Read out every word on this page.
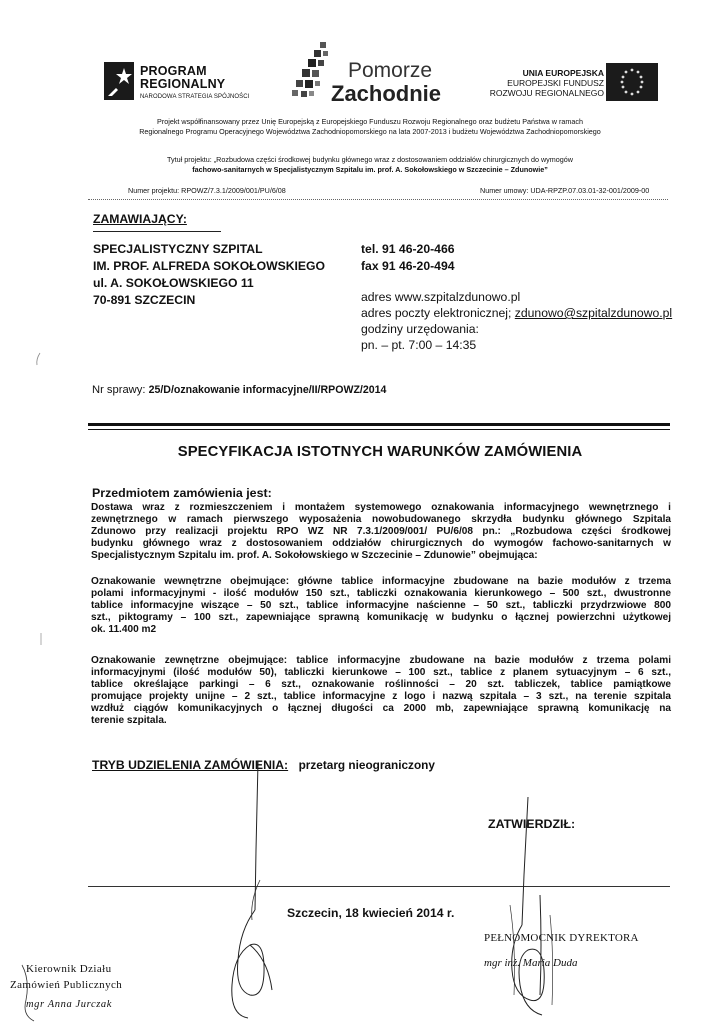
PROGRAM
REGIONALNY
NARODOWA STRATEGIA SPÓJNOŚCI
Pomorze
Zachodnie
UNIA EUROPEJSKA
EUROPEJSKI FUNDUSZ
ROZWOJU REGIONALNEGO
Projekt współfinansowany przez Unię Europejską z Europejskiego Funduszu Rozwoju Regionalnego oraz budżetu Państwa w ramach
Regionalnego Programu Operacyjnego Województwa Zachodniopomorskiego na lata 2007-2013 i budżetu Województwa Zachodniopomorskiego
Tytuł projektu: „Rozbudowa części środkowej budynku głównego wraz z dostosowaniem oddziałów chirurgicznych do wymogów
fachowo-sanitarnych w Specjalistycznym Szpitalu im. prof. A. Sokołowskiego w Szczecinie – Zdunowie”
Numer projektu: RPOWZ/7.3.1/2009/001/PU/6/08	Numer umowy: UDA-RPZP.07.03.01-32-001/2009-00
ZAMAWIAJĄCY:
SPECJALISTYCZNY SZPITAL
IM. PROF. ALFREDA SOKOŁOWSKIEGO
ul. A. SOKOŁOWSKIEGO 11
70-891 SZCZECIN
tel. 91 46-20-466
fax 91 46-20-494
adres www.szpitalzdunowo.pl
adres poczty elektronicznej; zdunowo@szpitalzdunowo.pl
godziny urzędowania:
pn. – pt. 7:00 – 14:35
Nr sprawy: 25/D/oznakowanie informacyjne/II/RPOWZ/2014
SPECYFIKACJA ISTOTNYCH WARUNKÓW ZAMÓWIENIA
Przedmiotem zamówienia jest:
Dostawa wraz z rozmieszczeniem i montażem systemowego oznakowania informacyjnego wewnętrznego i
zewnętrznego w ramach pierwszego wyposażenia nowobudowanego skrzydła budynku głównego Szpitala
Zdunowo przy realizacji projektu RPO WZ NR 7.3.1/2009/001/ PU/6/08 pn.: „Rozbudowa części środkowej
budynku głównego wraz z dostosowaniem oddziałów chirurgicznych do wymogów fachowo-sanitarnych w
Specjalistycznym Szpitalu im. prof. A. Sokołowskiego w Szczecinie – Zdunowie” obejmująca:
Oznakowanie wewnętrzne obejmujące: główne tablice informacyjne zbudowane na bazie modułów z trzema
polami informacyjnymi - ilość modułów 150 szt., tabliczki oznakowania kierunkowego – 500 szt., dwustronne
tablice informacyjne wiszące – 50 szt., tablice informacyjne naścienne – 50 szt., tabliczki przydrzwiowe 800
szt., piktogramy – 100 szt., zapewniające sprawną komunikację w budynku o łącznej powierzchni użytkowej
ok. 11.400 m2
Oznakowanie zewnętrzne obejmujące: tablice informacyjne zbudowane na bazie modułów z trzema polami
informacyjnymi (ilość modułów 50), tabliczki kierunkowe – 100 szt., tablice z planem sytuacyjnym – 6 szt.,
tablice określające parkingi – 6 szt., oznakowanie roślinności – 20 szt. tabliczek, tablice pamiątkowe
promujące projekty unijne – 2 szt., tablice informacyjne z logo i nazwą szpitala – 3 szt., na terenie szpitala
wzdłuż ciągów komunikacyjnych o łącznej długości ca 2000 mb, zapewniające sprawną komunikację na
terenie szpitala.
TRYB UDZIELENIA ZAMÓWIENIA: przetarg nieograniczony
ZATWIERDZIŁ:
Szczecin, 18 kwiecień 2014 r.
PEŁNOMOCNIK DYREKTORA
mgr inż. Maria Duda
Kierownik Działu
Zamówień Publicznych
mgr Anna Jurczak
